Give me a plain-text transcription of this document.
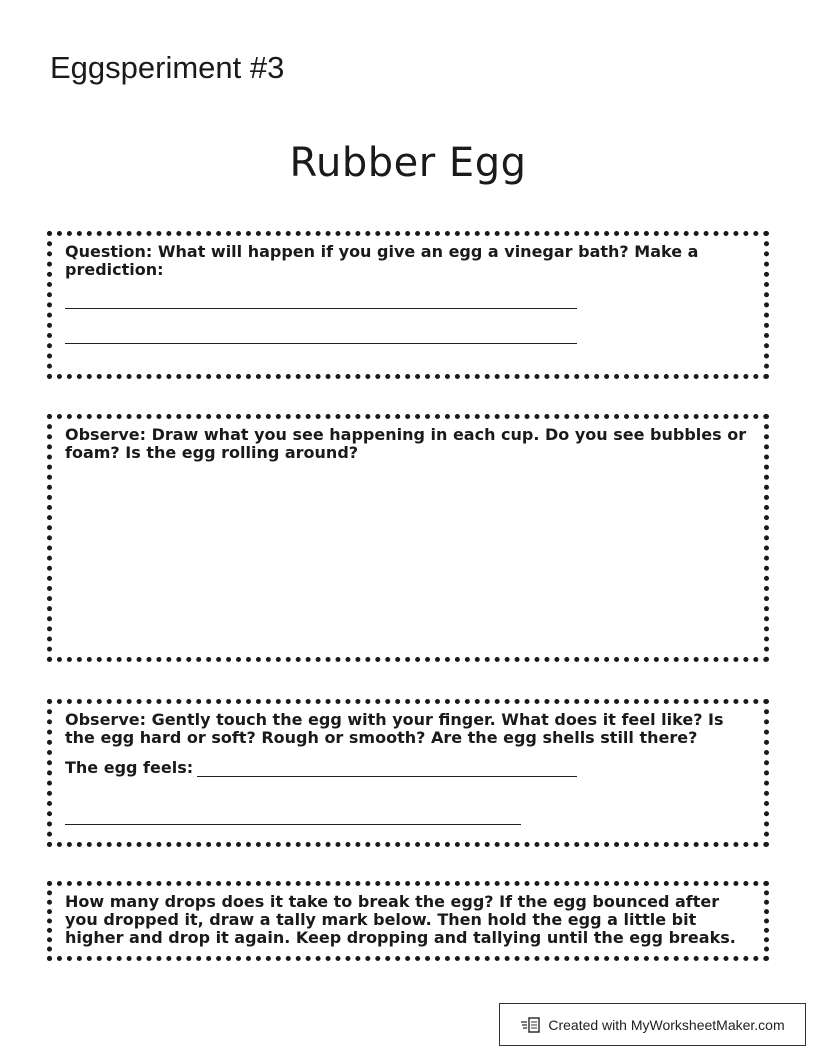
Eggsperiment #3
Rubber Egg

Question: What will happen if you give an egg a vinegar bath? Make a prediction:

Observe: Draw what you see happening in each cup. Do you see bubbles or foam? Is the egg rolling around?

Observe: Gently touch the egg with your finger. What does it feel like? Is the egg hard or soft? Rough or smooth? Are the egg shells still there?

The egg feels:

How many drops does it take to break the egg? If the egg bounced after you dropped it, draw a tally mark below. Then hold the egg a little bit higher and drop it again. Keep dropping and tallying until the egg breaks.

Created with MyWorksheetMaker.com
